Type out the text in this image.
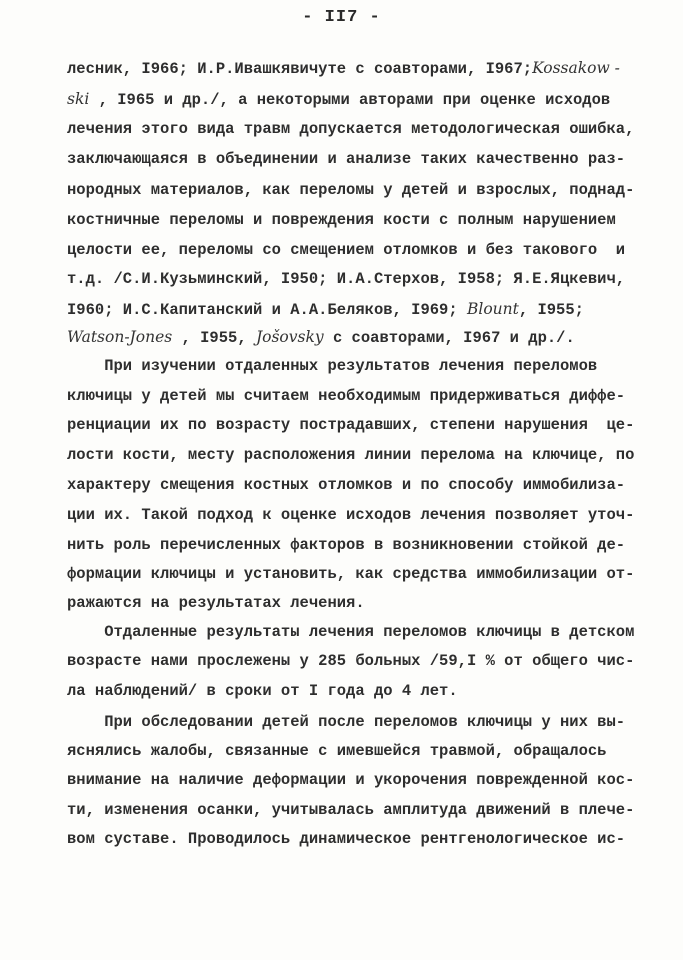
- II7 -
лесник, I966; И.Р.Ивашкявичуте с соавторами, I967;Kossakow -
ski , I965 и др./, а некоторыми авторами при оценке исходов
лечения этого вида травм допускается методологическая ошибка,
заключающаяся в объединении и анализе таких качественно раз-
нородных материалов, как переломы у детей и взрослых, поднад-
костничные переломы и повреждения кости с полным нарушением
целости ее, переломы со смещением отломков и без такового  и
т.д. /С.И.Кузьминский, I950; И.А.Стерхов, I958; Я.Е.Яцкевич,
I960; И.С.Капитанский и А.А.Беляков, I969; Blount, I955;
Watson-Jones , I955, Jošovsky с соавторами, I967 и др./.
При изучении отдаленных результатов лечения переломов
ключицы у детей мы считаем необходимым придерживаться диффе-
ренциации их по возрасту пострадавших, степени нарушения  це-
лости кости, месту расположения линии перелома на ключице, по
характеру смещения костных отломков и по способу иммобилиза-
ции их. Такой подход к оценке исходов лечения позволяет уточ-
нить роль перечисленных факторов в возникновении стойкой де-
формации ключицы и установить, как средства иммобилизации от-
ражаются на результатах лечения.
Отдаленные результаты лечения переломов ключицы в детском
возрасте нами прослежены у 285 больных /59,I % от общего чис-
ла наблюдений/ в сроки от I года до 4 лет.
При обследовании детей после переломов ключицы у них вы-
яснялись жалобы, связанные с имевшейся травмой, обращалось
внимание на наличие деформации и укорочения поврежденной кос-
ти, изменения осанки, учитывалась амплитуда движений в плече-
вом суставе. Проводилось динамическое рентгенологическое ис-
